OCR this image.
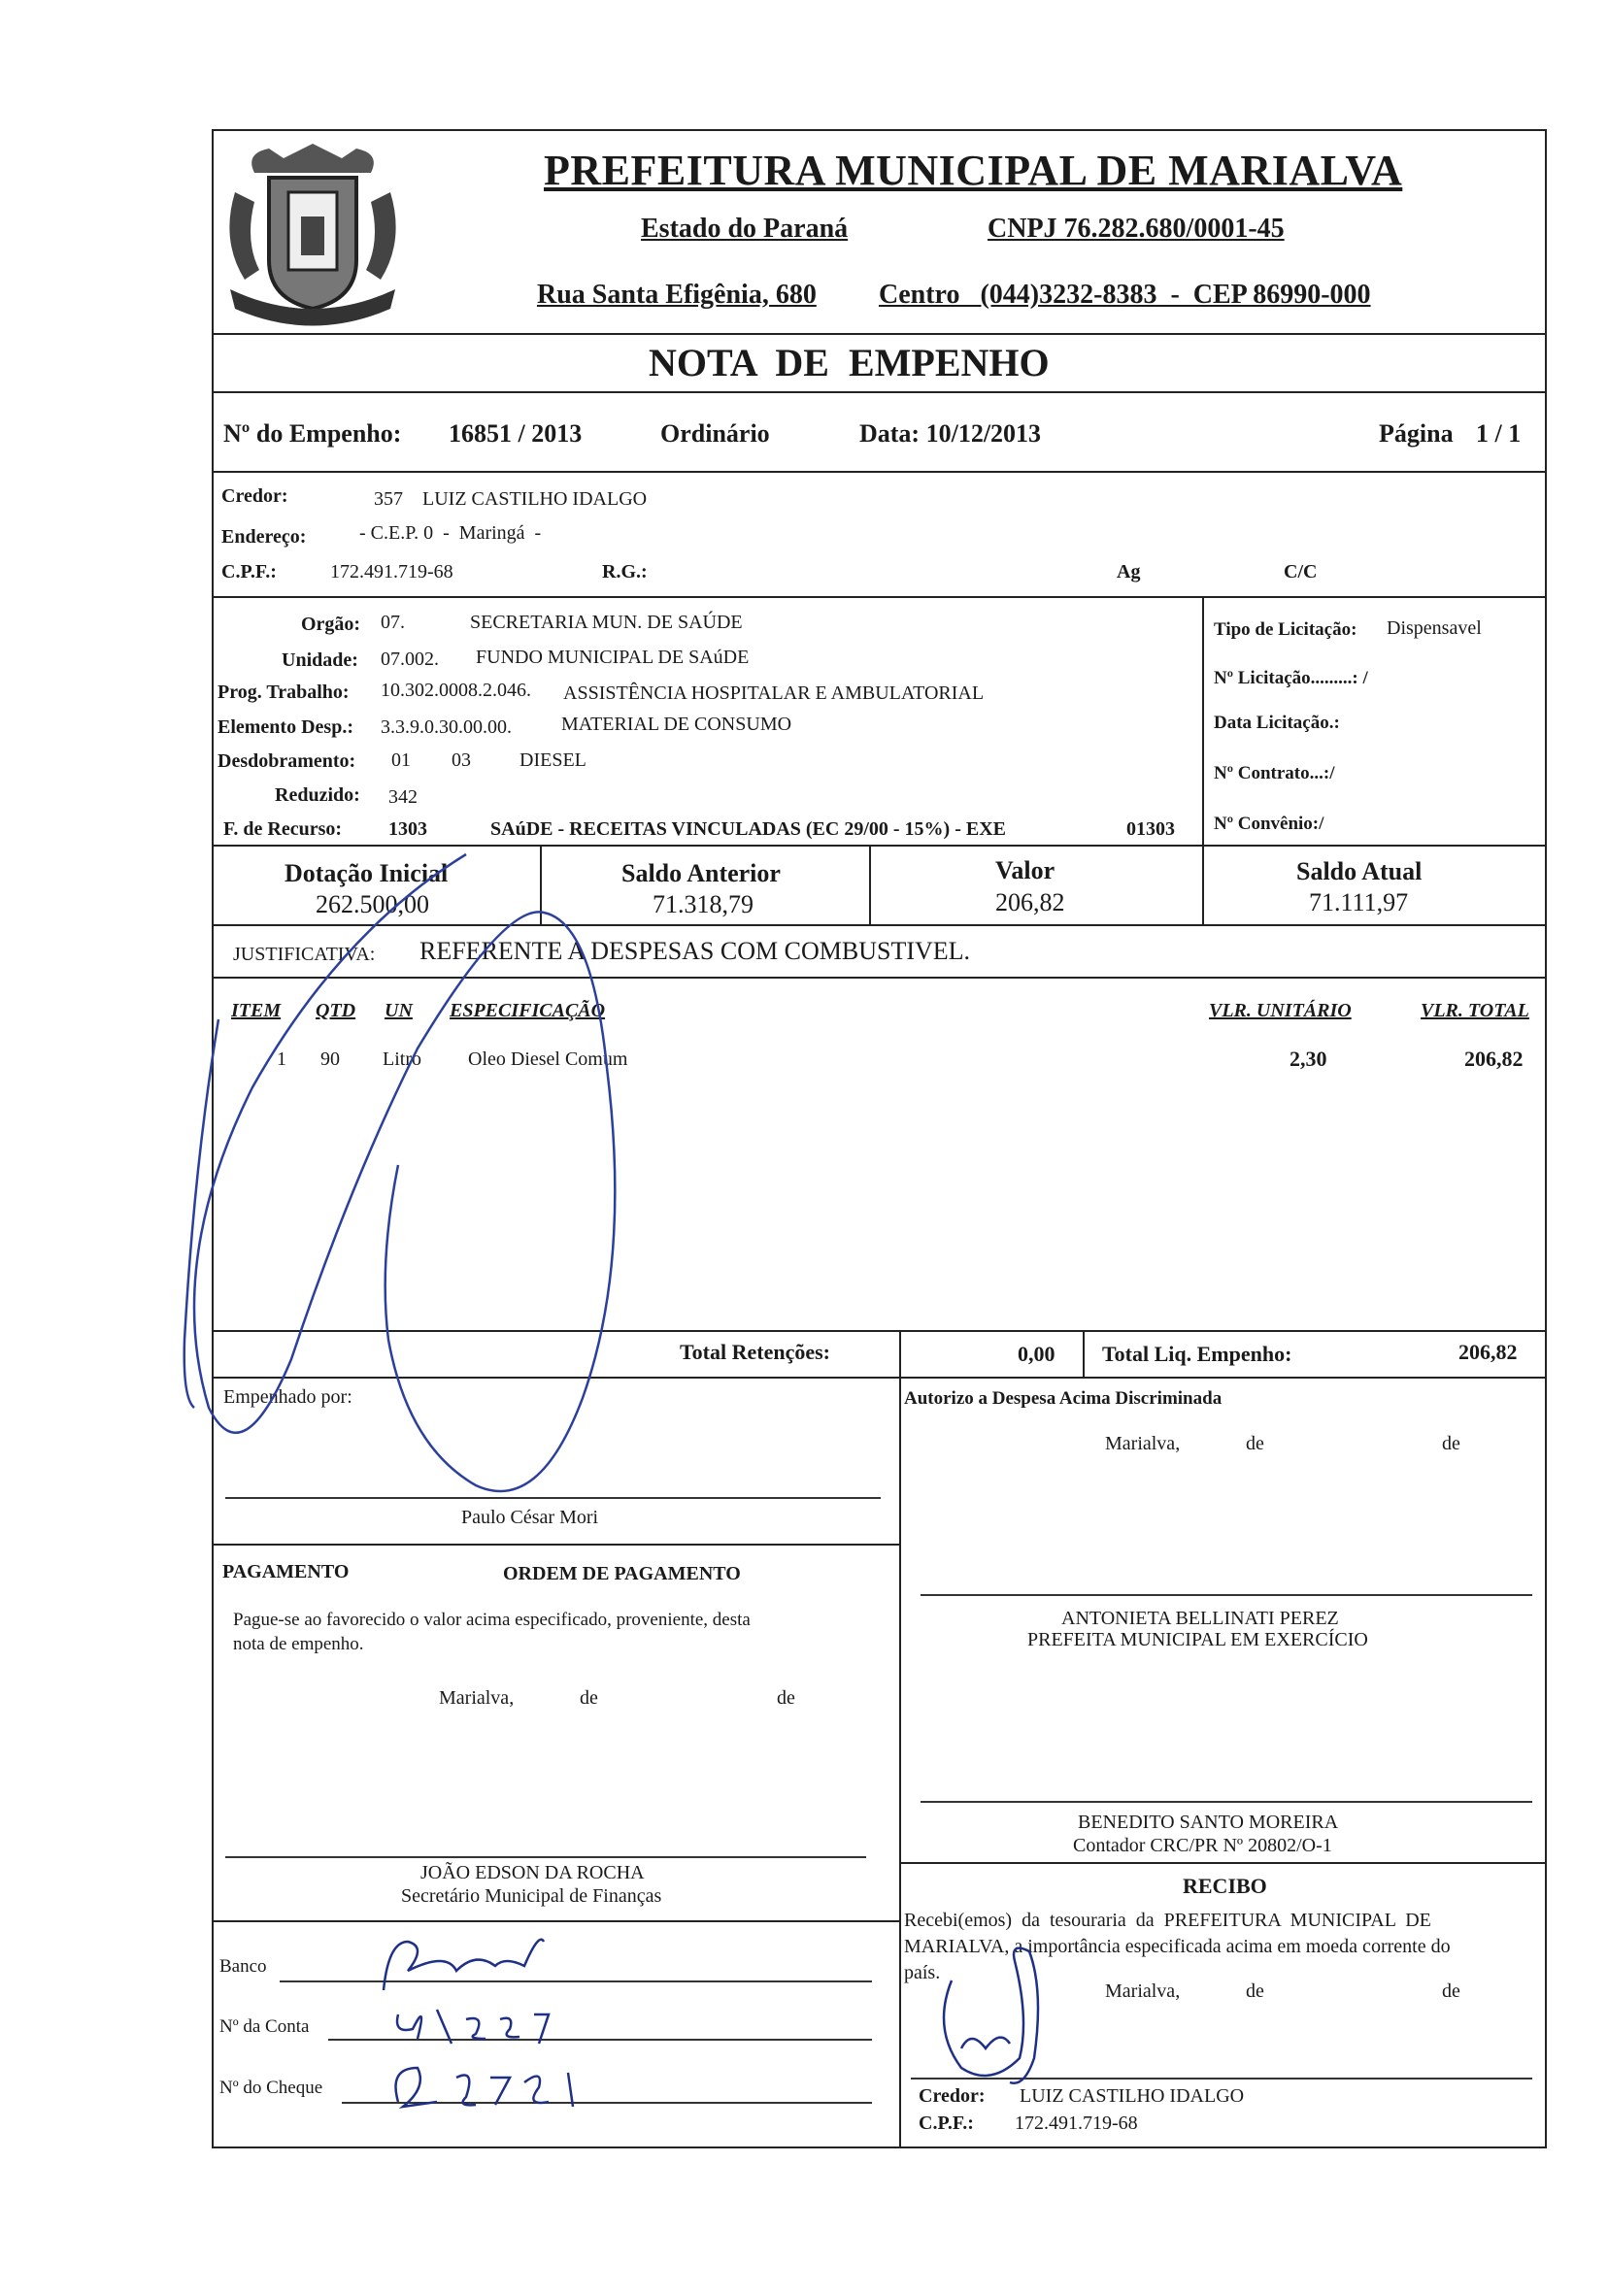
PREFEITURA MUNICIPAL DE MARIALVA
Estado do Paraná	CNPJ 76.282.680/0001-45
Rua Santa Efigênia, 680 Centro   (044)3232-8383  -  CEP 86990-000
NOTA  DE  EMPENHO
Nº do Empenho: 16851 / 2013	Ordinário	Data: 10/12/2013	Página 1 / 1
Credor:	357 LUIZ CASTILHO IDALGO
Endereço:	- C.E.P. 0  -  Maringá  -
C.P.F.:	172.491.719-68	R.G.:	Ag	C/C
Orgão: 07.	SECRETARIA MUN. DE SAÚDE
Unidade: 07.002. FUNDO MUNICIPAL DE SAúDE
Prog. Trabalho: 10.302.0008.2.046. ASSISTÊNCIA HOSPITALAR E AMBULATORIAL
Elemento Desp.: 3.3.9.0.30.00.00.	MATERIAL DE CONSUMO
Desdobramento: 01 03	DIESEL
Reduzido: 342
F. de Recurso: 1303	SAúDE - RECEITAS VINCULADAS (EC 29/00 - 15%) - EXE	01303
Tipo de Licitação: Dispensavel
Nº Licitação.........: /
Data Licitação.:
Nº Contrato...:/
Nº Convênio:/
Dotação Inicial
262.500,00
Saldo Anterior
71.318,79
Valor
206,82
Saldo Atual
71.111,97
JUSTIFICATIVA: REFERENTE A DESPESAS COM COMBUSTIVEL.
ITEM QTD UN ESPECIFICAÇÃO	VLR. UNITÁRIO	VLR. TOTAL
1 90 Litro Oleo Diesel Comum	2,30	206,82
Total Retenções:	0,00 Total Liq. Empenho:	206,82
Empenhado por:
Paulo César Mori
PAGAMENTO	ORDEM DE PAGAMENTO
Pague-se ao favorecido o valor acima especificado, proveniente, desta
nota de empenho.
Marialva,	de	de
JOÃO EDSON DA ROCHA
Secretário Municipal de Finanças
Banco
Nº da Conta
Nº do Cheque
Autorizo a Despesa Acima Discriminada
Marialva,	de	de
ANTONIETA BELLINATI PEREZ
PREFEITA MUNICIPAL EM EXERCÍCIO
BENEDITO SANTO MOREIRA
Contador CRC/PR Nº 20802/O-1
RECIBO
Recebi(emos)  da  tesouraria  da  PREFEITURA  MUNICIPAL  DE
MARIALVA, a importância especificada acima em moeda corrente do
país.
Marialva,	de	de
Credor: LUIZ CASTILHO IDALGO
C.P.F.: 172.491.719-68
